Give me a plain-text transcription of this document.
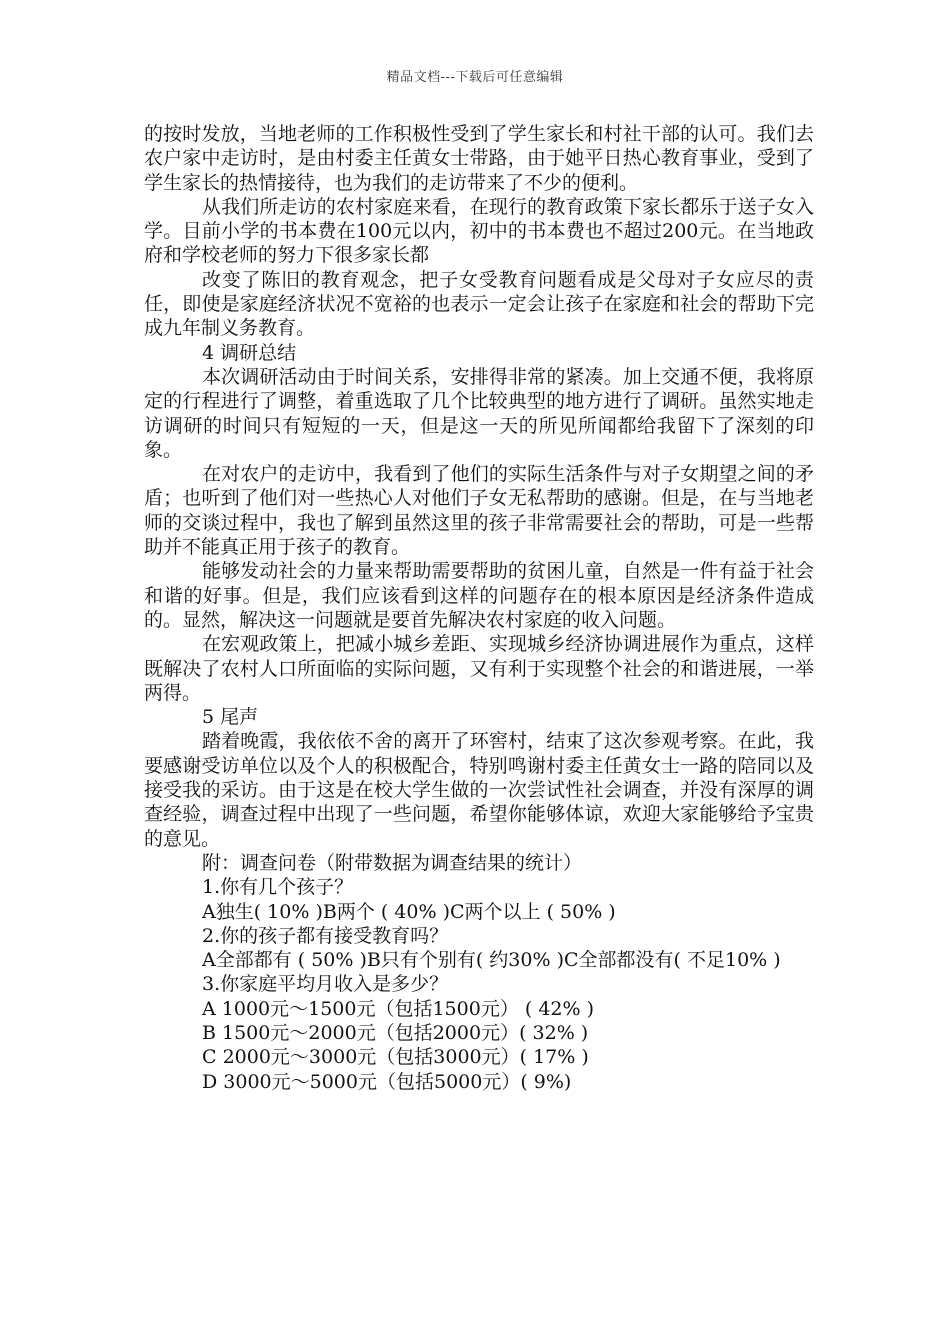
精品文档---下载后可任意编辑

的按时发放，当地老师的工作积极性受到了学生家长和村社干部的认可。我们去农户家中走访时，是由村委主任黄女士带路，由于她平日热心教育事业，受到了学生家长的热情接待，也为我们的走访带来了不少的便利。

从我们所走访的农村家庭来看，在现行的教育政策下家长都乐于送子女入学。目前小学的书本费在100元以内，初中的书本费也不超过200元。在当地政府和学校老师的努力下很多家长都

改变了陈旧的教育观念，把子女受教育问题看成是父母对子女应尽的责任，即使是家庭经济状况不宽裕的也表示一定会让孩子在家庭和社会的帮助下完成九年制义务教育。

4 调研总结

本次调研活动由于时间关系，安排得非常的紧凑。加上交通不便，我将原定的行程进行了调整，着重选取了几个比较典型的地方进行了调研。虽然实地走访调研的时间只有短短的一天，但是这一天的所见所闻都给我留下了深刻的印象。

在对农户的走访中，我看到了他们的实际生活条件与对子女期望之间的矛盾；也听到了他们对一些热心人对他们子女无私帮助的感谢。但是，在与当地老师的交谈过程中，我也了解到虽然这里的孩子非常需要社会的帮助，可是一些帮助并不能真正用于孩子的教育。

能够发动社会的力量来帮助需要帮助的贫困儿童，自然是一件有益于社会和谐的好事。但是，我们应该看到这样的问题存在的根本原因是经济条件造成的。显然，解决这一问题就是要首先解决农村家庭的收入问题。

在宏观政策上，把减小城乡差距、实现城乡经济协调进展作为重点，这样既解决了农村人口所面临的实际问题，又有利于实现整个社会的和谐进展，一举两得。

5 尾声

踏着晚霞，我依依不舍的离开了环窖村，结束了这次参观考察。在此，我要感谢受访单位以及个人的积极配合，特别鸣谢村委主任黄女士一路的陪同以及接受我的采访。由于这是在校大学生做的一次尝试性社会调查，并没有深厚的调查经验，调查过程中出现了一些问题，希望你能够体谅，欢迎大家能够给予宝贵的意见。

附：调查问卷（附带数据为调查结果的统计）

1.你有几个孩子？

A独生( 10% )B两个 ( 40% )C两个以上 ( 50% )

2.你的孩子都有接受教育吗？

A全部都有 ( 50% )B只有个别有( 约30% )C全部都没有( 不足10% )

3.你家庭平均月收入是多少？

A 1000元～1500元（包括1500元） ( 42% )

B 1500元～2000元（包括2000元）( 32% )

C 2000元～3000元（包括3000元）( 17% )

D 3000元～5000元（包括5000元）( 9%)
